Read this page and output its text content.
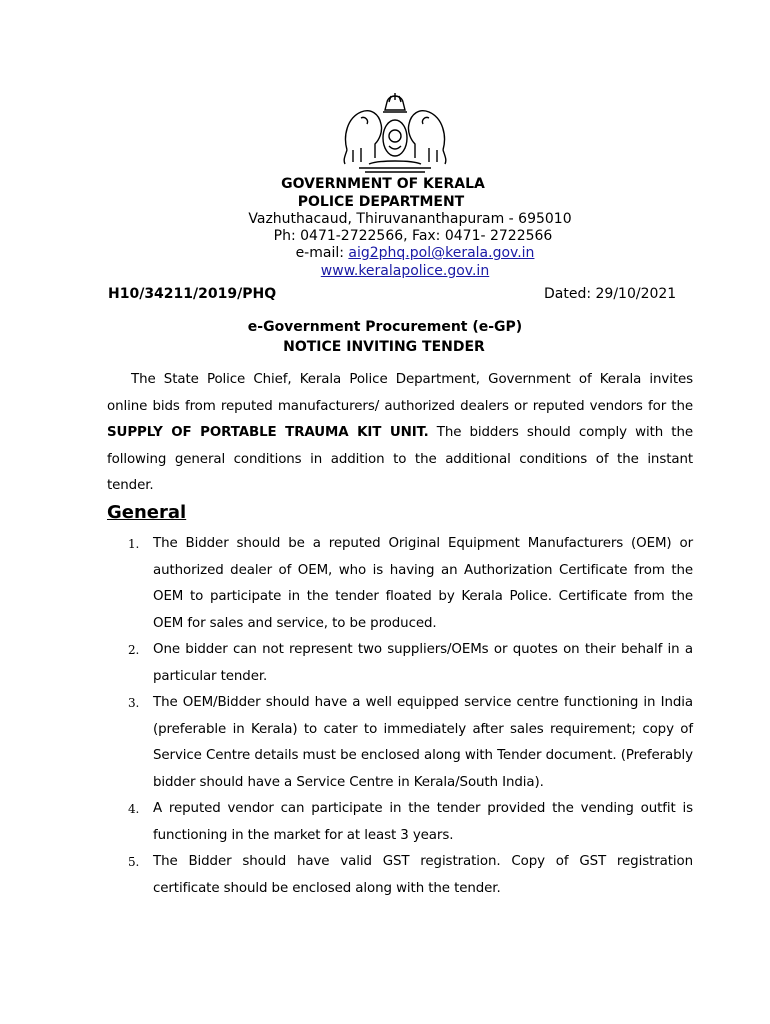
GOVERNMENT OF KERALA
POLICE DEPARTMENT
Vazhuthacaud, Thiruvananthapuram - 695010
Ph: 0471-2722566, Fax: 0471- 2722566
e-mail: aig2phq.pol@kerala.gov.in
www.keralapolice.gov.in
H10/34211/2019/PHQ	Dated: 29/10/2021
e-Government Procurement (e-GP)
NOTICE INVITING TENDER
The State Police Chief, Kerala Police Department, Government of Kerala invites online bids from reputed manufacturers/ authorized dealers or reputed vendors for the SUPPLY OF PORTABLE TRAUMA KIT UNIT. The bidders should comply with the following general conditions in addition to the additional conditions of the instant tender.
General
1. The Bidder should be a reputed Original Equipment Manufacturers (OEM) or authorized dealer of OEM, who is having an Authorization Certificate from the OEM to participate in the tender floated by Kerala Police. Certificate from the OEM for sales and service, to be produced.
2. One bidder can not represent two suppliers/OEMs or quotes on their behalf in a particular tender.
3. The OEM/Bidder should have a well equipped service centre functioning in India (preferable in Kerala) to cater to immediately after sales requirement; copy of Service Centre details must be enclosed along with Tender document. (Preferably bidder should have a Service Centre in Kerala/South India).
4. A reputed vendor can participate in the tender provided the vending outfit is functioning in the market for at least 3 years.
5. The Bidder should have valid GST registration. Copy of GST registration certificate should be enclosed along with the tender.
